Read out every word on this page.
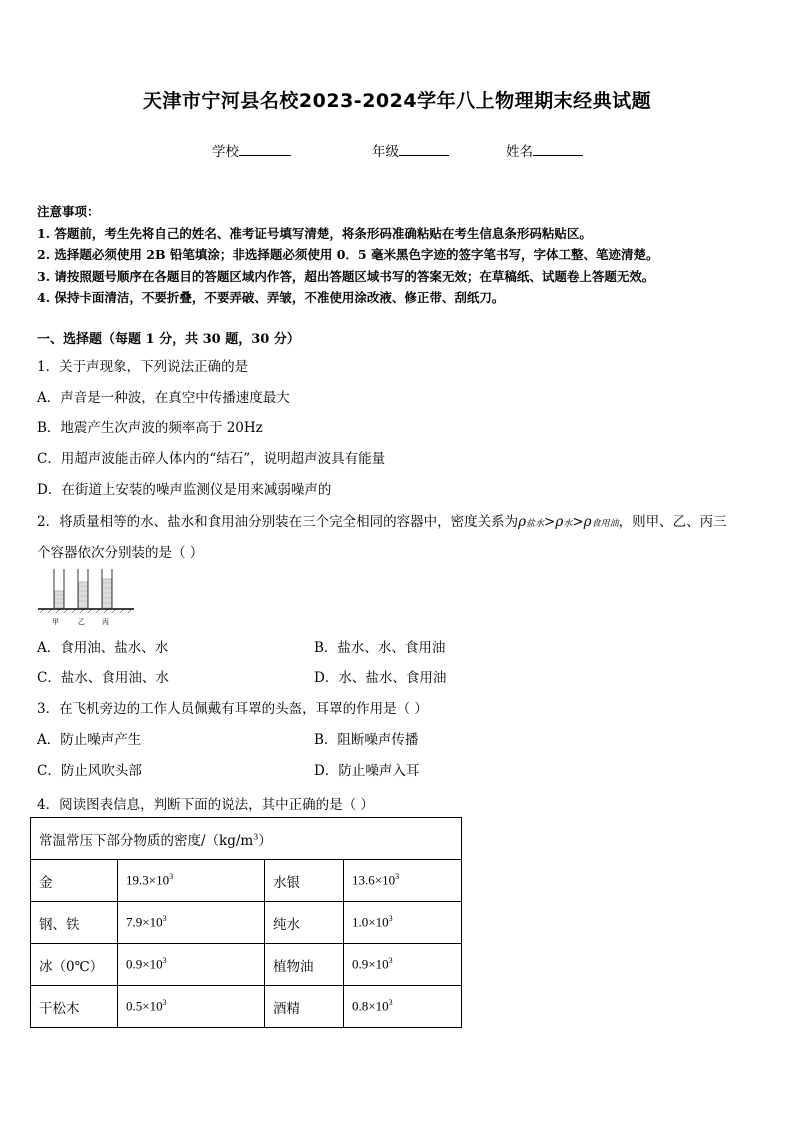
天津市宁河县名校2023-2024学年八上物理期末经典试题
学校	年级	姓名
注意事项：
1. 答题前，考生先将自己的姓名、准考证号填写清楚，将条形码准确粘贴在考生信息条形码粘贴区。
2. 选择题必须使用 2B 铅笔填涂；非选择题必须使用 0．5 毫米黑色字迹的签字笔书写，字体工整、笔迹清楚。
3. 请按照题号顺序在各题目的答题区域内作答，超出答题区域书写的答案无效；在草稿纸、试题卷上答题无效。
4. 保持卡面清洁，不要折叠，不要弄破、弄皱，不准使用涂改液、修正带、刮纸刀。
一、选择题（每题 1 分，共 30 题，30 分）
1．关于声现象，下列说法正确的是
A．声音是一种波，在真空中传播速度最大
B．地震产生次声波的频率高于 20Hz
C．用超声波能击碎人体内的“结石”，说明超声波具有能量
D．在街道上安装的噪声监测仪是用来减弱噪声的
2．将质量相等的水、盐水和食用油分别装在三个完全相同的容器中，密度关系为ρ盐水>ρ水>ρ食用油，则甲、乙、丙三
个容器依次分别装的是（ ）
甲	乙 丙
A．食用油、盐水、水	B．盐水、水、食用油
C．盐水、食用油、水	D．水、盐水、食用油
3．在飞机旁边的工作人员佩戴有耳罩的头盔，耳罩的作用是（ ）
A．防止噪声产生	B．阻断噪声传播
C．防止风吹头部	D．防止噪声入耳
4．阅读图表信息，判断下面的说法，其中正确的是（ ）
常温常压下部分物质的密度$/(kg/m^3)$			
金	$19.3\times 10^3$	水银	$13.6\times 10^3$
钢、铁	$7.9\times 10^3$	纯水	$1.0\times 10^3$
冰（0℃）	$0.9\times 10^3$	植物油	$0.9\times 10^3$
干松木	$0.5\times 10^3$	酒精	$0.8\times 10^3$
